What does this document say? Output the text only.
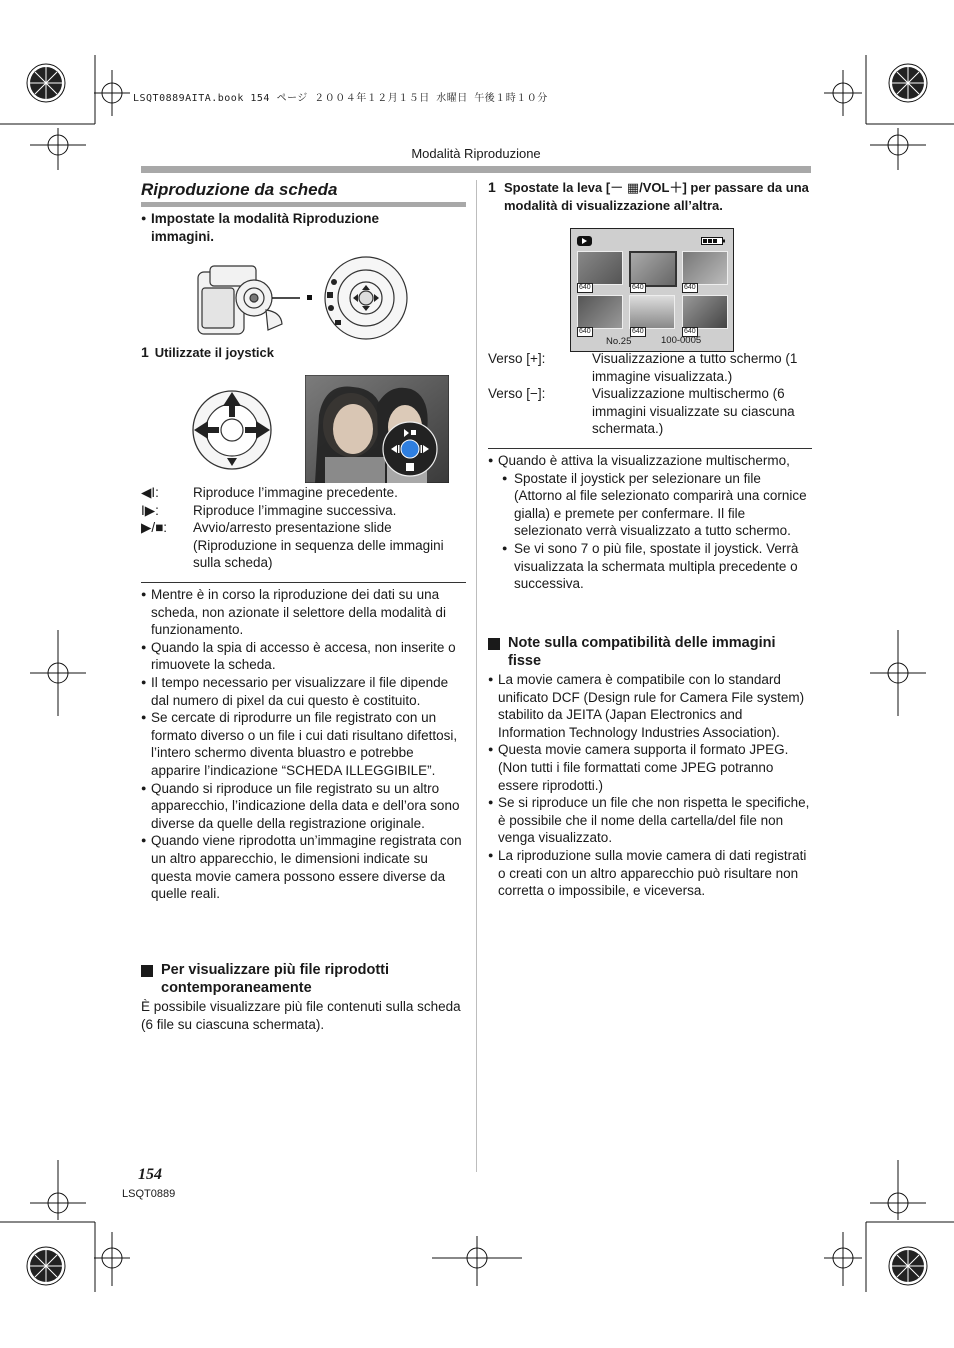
LSQT0889AITA.book 154 ページ ２００４年１２月１５日 水曜日 午後１時１０分
Modalità Riproduzione
Riproduzione da scheda
● Impostate la modalità Riproduzione immagini.
1 Utilizzate il joystick
◀I:	Riproduce l’immagine precedente.
I▶:	Riproduce l’immagine successiva.
▶/■:	Avvio/arresto presentazione slide (Riproduzione in sequenza delle immagini sulla scheda)
● Mentre è in corso la riproduzione dei dati su una scheda, non azionate il selettore della modalità di funzionamento.
● Quando la spia di accesso è accesa, non inserite o rimuovete la scheda.
● Il tempo necessario per visualizzare il file dipende dal numero di pixel da cui questo è costituito.
● Se cercate di riprodurre un file registrato con un formato diverso o un file i cui dati risultano difettosi, l’intero schermo diventa bluastro e potrebbe apparire l’indicazione “SCHEDA ILLEGGIBILE”.
● Quando si riproduce un file registrato su un altro apparecchio, l’indicazione della data e dell’ora sono diverse da quelle della registrazione originale.
● Quando viene riprodotta un’immagine registrata con un altro apparecchio, le dimensioni indicate su questa movie camera possono essere diverse da quelle reali.
Per visualizzare più file riprodotti contemporaneamente
È possibile visualizzare più file contenuti sulla scheda (6 file su ciascuna schermata).
1 Spostate la leva [－ ▦/VOL＋] per passare da una modalità di visualizzazione all’altra.
640	640	640
640	640	640
No.25	100-0005
Verso [+]:	Visualizzazione a tutto schermo (1 immagine visualizzata.)
Verso [−]:	Visualizzazione multischermo (6 immagini visualizzate su ciascuna schermata.)
● Quando è attiva la visualizzazione multischermo,
● Spostate il joystick per selezionare un file (Attorno al file selezionato comparirà una cornice gialla) e premete per confermare. Il file selezionato verrà visualizzato a tutto schermo.
● Se vi sono 7 o più file, spostate il joystick. Verrà visualizzata la schermata multipla precedente o successiva.
Note sulla compatibilità delle immagini fisse
● La movie camera è compatibile con lo standard unificato DCF (Design rule for Camera File system) stabilito da JEITA (Japan Electronics and Information Technology Industries Association).
● Questa movie camera supporta il formato JPEG. (Non tutti i file formattati come JPEG potranno essere riprodotti.)
● Se si riproduce un file che non rispetta le specifiche, è possibile che il nome della cartella/del file non venga visualizzato.
● La riproduzione sulla movie camera di dati registrati o creati con un altro apparecchio può risultare non corretta o impossibile, e viceversa.
154
LSQT0889
